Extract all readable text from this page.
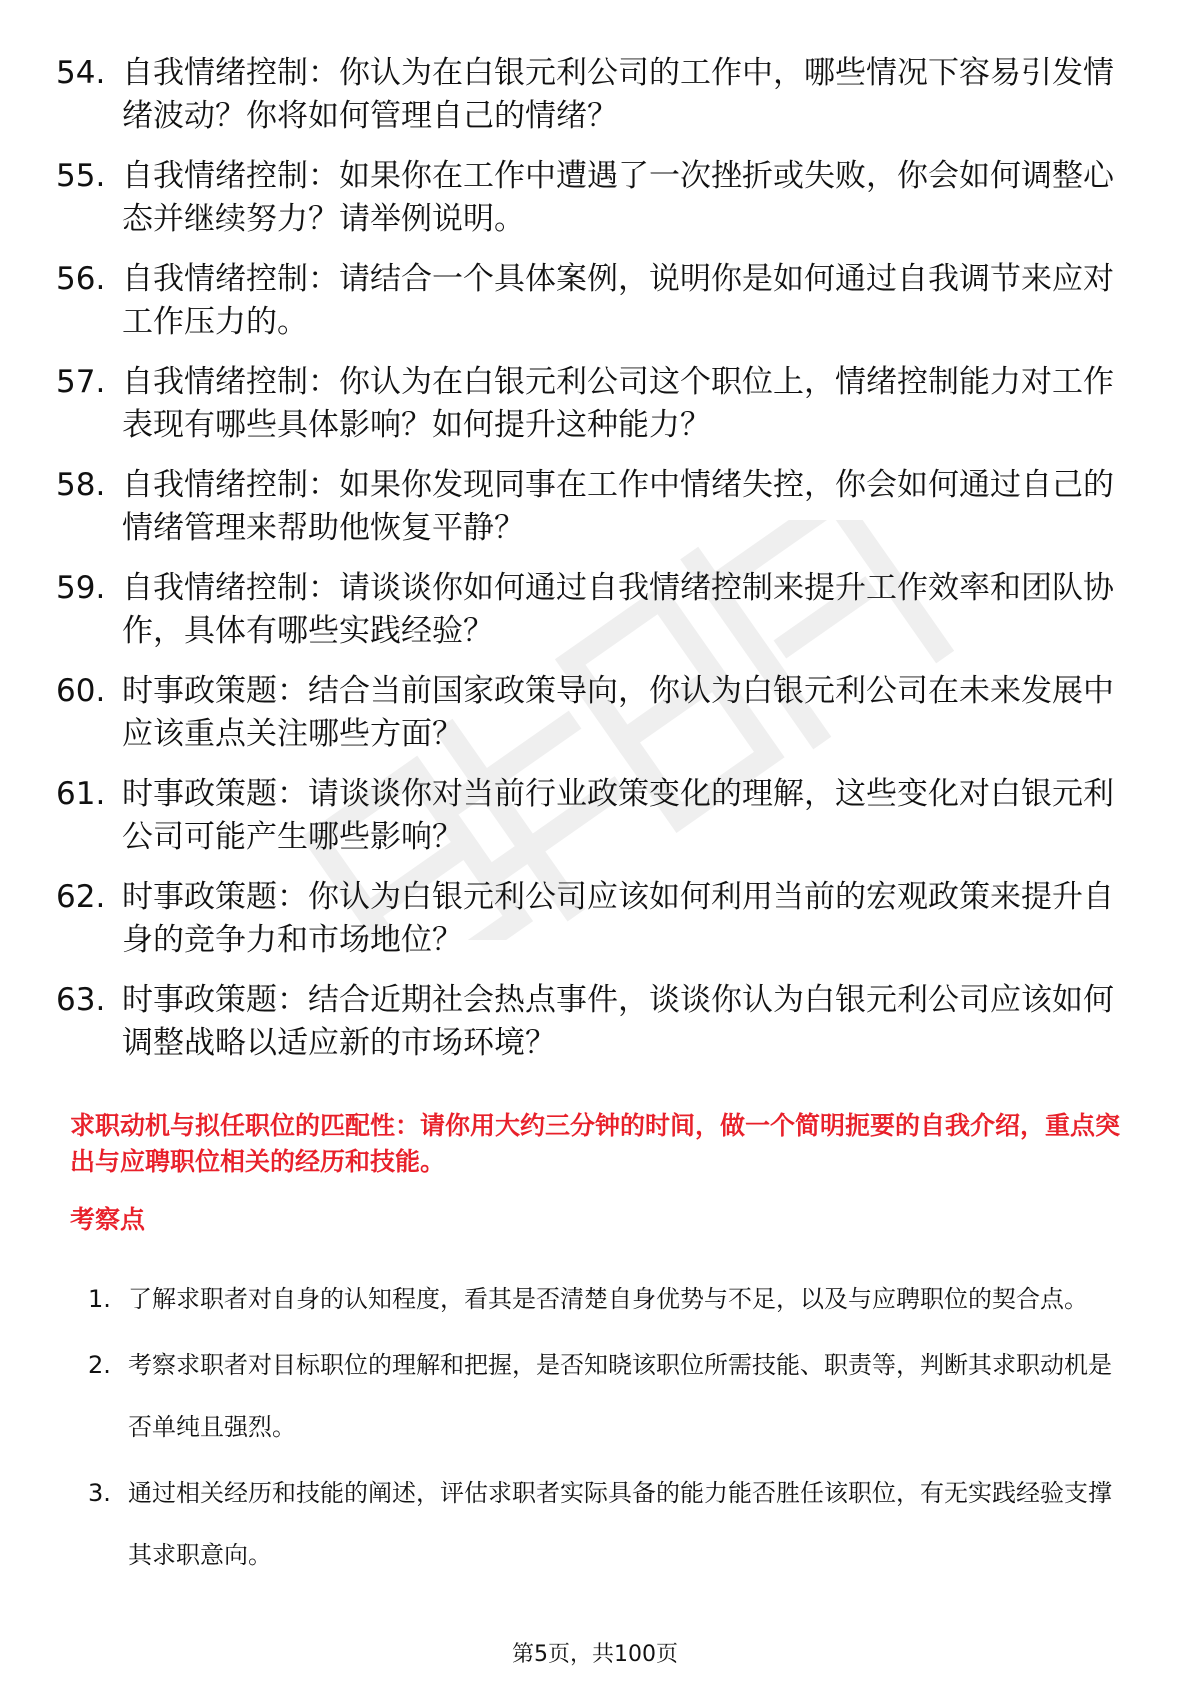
54. 自我情绪控制：你认为在白银元利公司的工作中，哪些情况下容易引发情绪波动？你将如何管理自己的情绪？
55. 自我情绪控制：如果你在工作中遭遇了一次挫折或失败，你会如何调整心态并继续努力？请举例说明。
56. 自我情绪控制：请结合一个具体案例，说明你是如何通过自我调节来应对工作压力的。
57. 自我情绪控制：你认为在白银元利公司这个职位上，情绪控制能力对工作表现有哪些具体影响？如何提升这种能力？
58. 自我情绪控制：如果你发现同事在工作中情绪失控，你会如何通过自己的情绪管理来帮助他恢复平静？
59. 自我情绪控制：请谈谈你如何通过自我情绪控制来提升工作效率和团队协作，具体有哪些实践经验？
60. 时事政策题：结合当前国家政策导向，你认为白银元利公司在未来发展中应该重点关注哪些方面？
61. 时事政策题：请谈谈你对当前行业政策变化的理解，这些变化对白银元利公司可能产生哪些影响？
62. 时事政策题：你认为白银元利公司应该如何利用当前的宏观政策来提升自身的竞争力和市场地位？
63. 时事政策题：结合近期社会热点事件，谈谈你认为白银元利公司应该如何调整战略以适应新的市场环境？

求职动机与拟任职位的匹配性：请你用大约三分钟的时间，做一个简明扼要的自我介绍，重点突出与应聘职位相关的经历和技能。

考察点

1. 了解求职者对自身的认知程度，看其是否清楚自身优势与不足，以及与应聘职位的契合点。
2. 考察求职者对目标职位的理解和把握，是否知晓该职位所需技能、职责等，判断其求职动机是否单纯且强烈。
3. 通过相关经历和技能的阐述，评估求职者实际具备的能力能否胜任该职位，有无实践经验支撑其求职意向。
第5页，共100页
